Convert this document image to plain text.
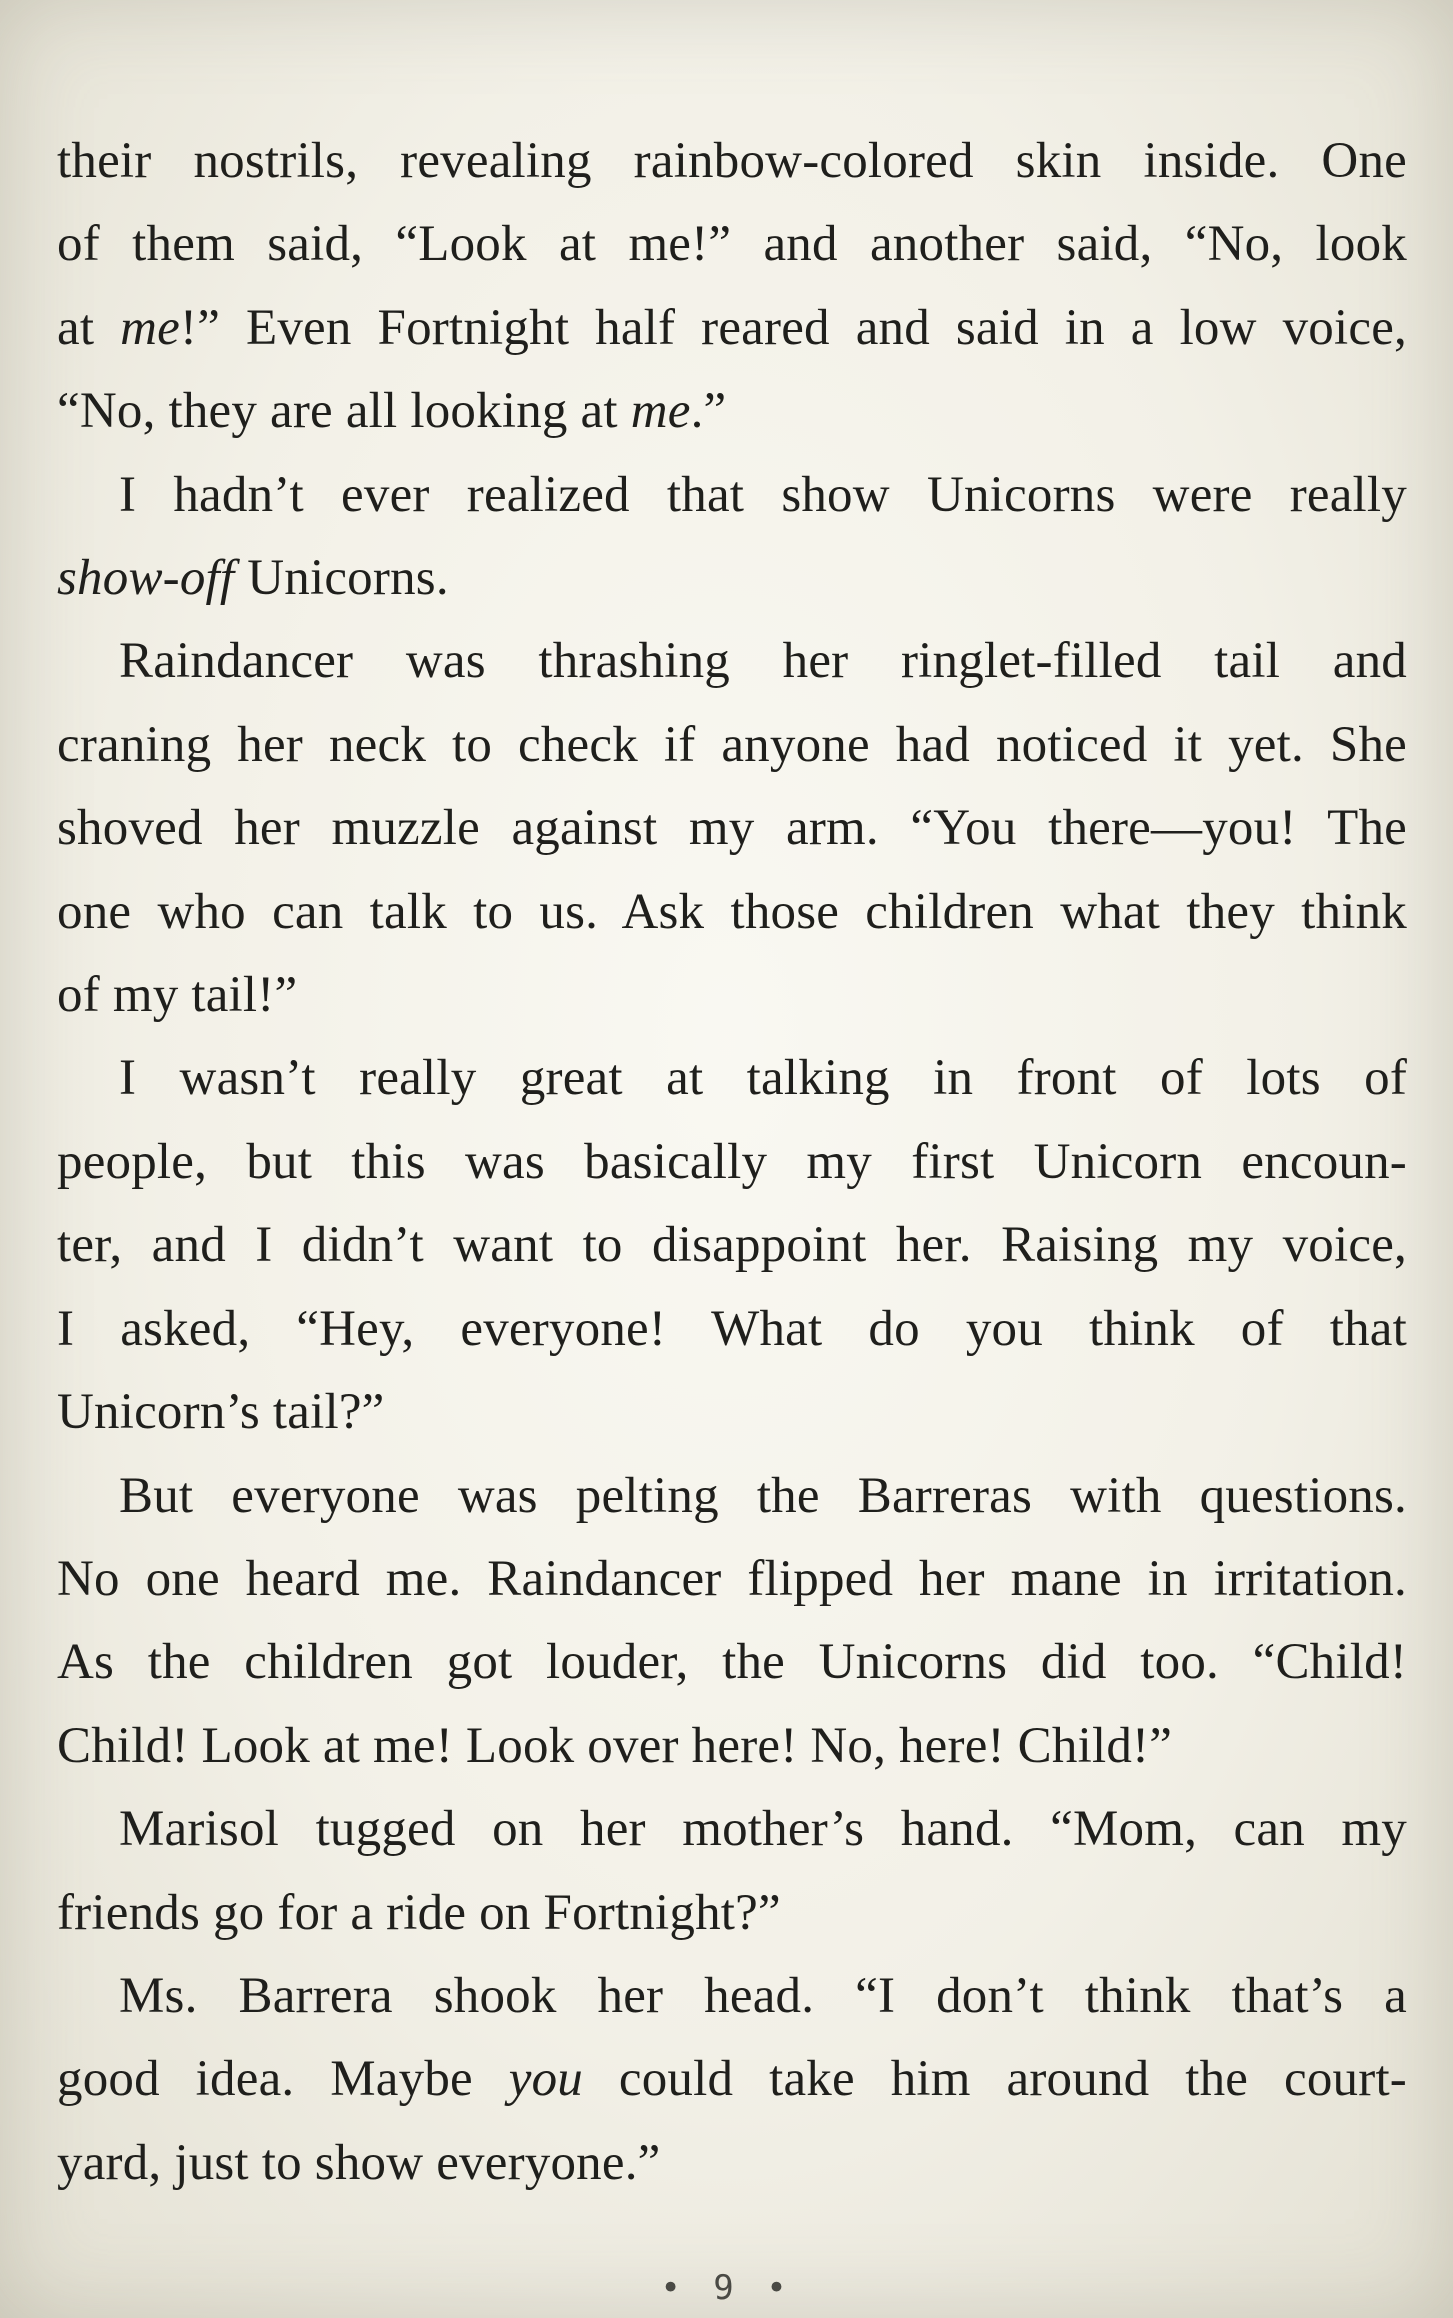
their nostrils, revealing rainbow-colored skin inside. One
of them said, “Look at me!” and another said, “No, look
at me!” Even Fortnight half reared and said in a low voice,
“No, they are all looking at me.”
I hadn’t ever realized that show Unicorns were really
show-off Unicorns.
Raindancer was thrashing her ringlet-filled tail and
craning her neck to check if anyone had noticed it yet. She
shoved her muzzle against my arm. “You there—you! The
one who can talk to us. Ask those children what they think
of my tail!”
I wasn’t really great at talking in front of lots of
people, but this was basically my first Unicorn encoun-
ter, and I didn’t want to disappoint her. Raising my voice,
I asked, “Hey, everyone! What do you think of that
Unicorn’s tail?”
But everyone was pelting the Barreras with questions.
No one heard me. Raindancer flipped her mane in irritation.
As the children got louder, the Unicorns did too. “Child!
Child! Look at me! Look over here! No, here! Child!”
Marisol tugged on her mother’s hand. “Mom, can my
friends go for a ride on Fortnight?”
Ms. Barrera shook her head. “I don’t think that’s a
good idea. Maybe you could take him around the court-
yard, just to show everyone.”
• 9 •
